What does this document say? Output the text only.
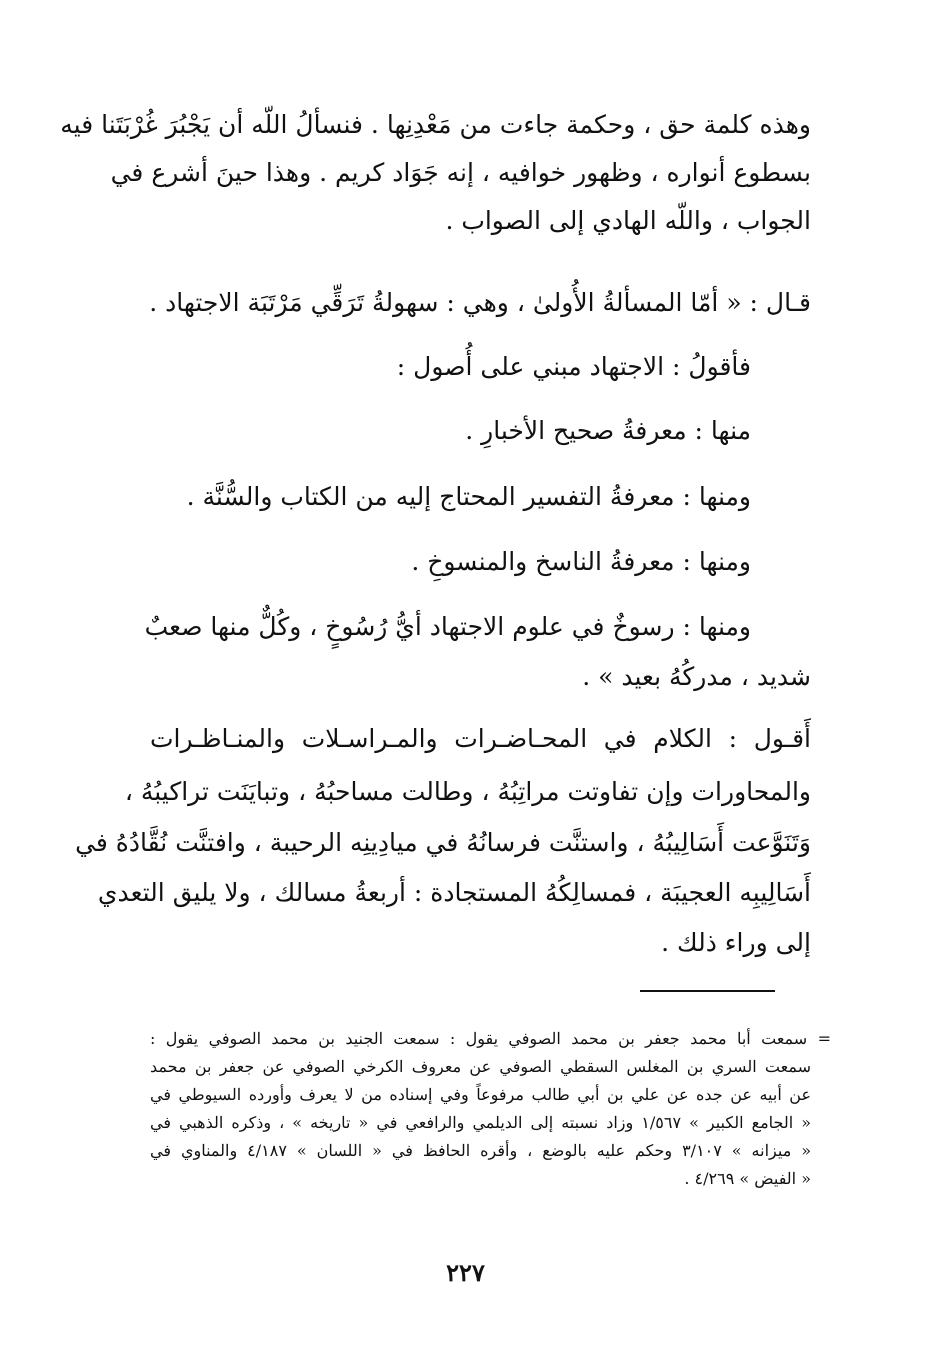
وهذه كلمة حق ، وحكمة جاءت من مَعْدِنِها . فنسألُ اللّه أن يَجْبُرَ غُرْبَتَنا فيه
بسطوع أنواره ، وظهور خوافيه ، إنه جَوَاد كريم . وهذا حينَ أشرع في
الجواب ، واللّه الهادي إلى الصواب .
قـال : « أمّا المسألةُ الأُولىٰ ، وهي : سهولةُ تَرَقِّي مَرْتَبَة الاجتهاد .
فأقولُ : الاجتهاد مبني على أُصول :
منها : معرفةُ صحيح الأخبارِ .
ومنها : معرفةُ التفسير المحتاج إليه من الكتاب والسُّنَّة .
ومنها : معرفةُ الناسخ والمنسوخِ .
ومنها : رسوخٌ في علوم الاجتهاد أيُّ رُسُوخٍ ، وكُلٌّ منها صعبٌ
شديد ، مدركُهُ بعيد » .
أَقـول : الكلام في المحـاضـرات والمـراسـلات والمنـاظـرات
والمحاورات وإن تفاوتت مراتِبُهُ ، وطالت مساحبُهُ ، وتبايَنَت تراكيبُهُ ،
وَتَنَوَّعت أَسَالِيبُهُ ، واستنَّت فرسانُهُ في ميادِينِه الرحيبة ، وافتنَّت نُقَّادُهُ في
أَسَالِيبِه العجيبَة ، فمسالِكُهُ المستجادة : أربعةُ مسالك ، ولا يليق التعدي
إلى وراء ذلك .
= سمعت أبا محمد جعفر بن محمد الصوفي يقول : سمعت الجنيد بن محمد الصوفي يقول :
سمعت السري بن المغلس السقطي الصوفي عن معروف الكرخي الصوفي عن جعفر بن محمد
عن أبيه عن جده عن علي بن أبي طالب مرفوعاً وفي إسناده من لا يعرف وأورده السيوطي في
« الجامع الكبير » ١/٥٦٧ وزاد نسبته إلى الديلمي والرافعي في « تاريخه » ، وذكره الذهبي في
« ميزانه » ٣/١٠٧ وحكم عليه بالوضع ، وأقره الحافظ في « اللسان » ٤/١٨٧ والمناوي في
« الفيض » ٤/٢٦٩ .
٢٢٧
